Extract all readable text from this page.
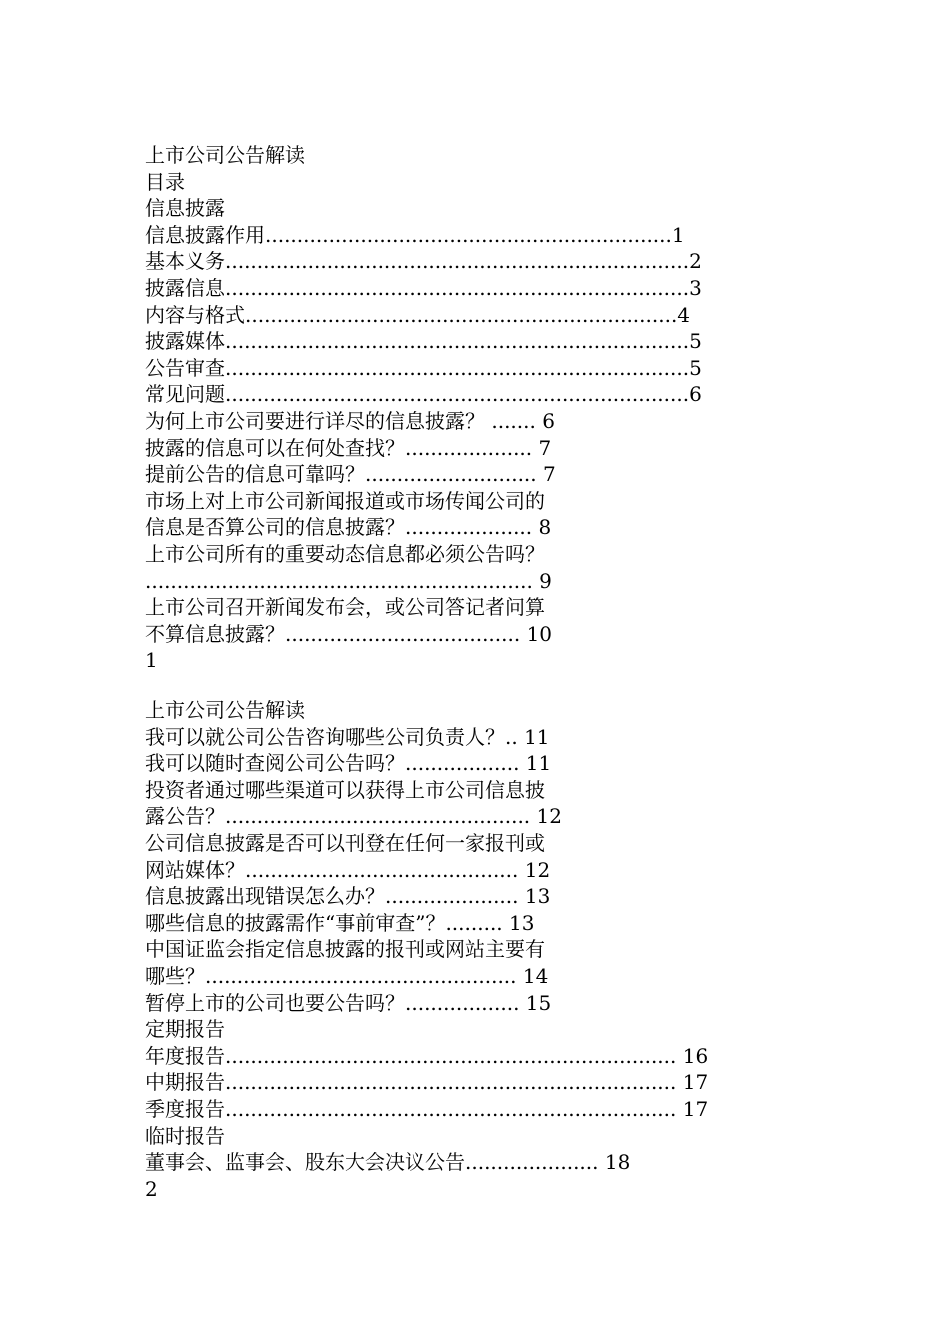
上市公司公告解读
目录
信息披露
信息披露作用................................................................1
基本义务.........................................................................2
披露信息.........................................................................3
内容与格式....................................................................4
披露媒体.........................................................................5
公告审查.........................................................................5
常见问题.........................................................................6
为何上市公司要进行详尽的信息披露？ ....... 6
披露的信息可以在何处查找？.................... 7
提前公告的信息可靠吗？........................... 7
市场上对上市公司新闻报道或市场传闻公司的
信息是否算公司的信息披露？.................... 8
上市公司所有的重要动态信息都必须公告吗？
............................................................. 9
上市公司召开新闻发布会，或公司答记者问算
不算信息披露？..................................... 10
1
上市公司公告解读
我可以就公司公告咨询哪些公司负责人？.. 11
我可以随时查阅公司公告吗？.................. 11
投资者通过哪些渠道可以获得上市公司信息披
露公告？................................................ 12
公司信息披露是否可以刊登在任何一家报刊或
网站媒体？........................................... 12
信息披露出现错误怎么办？..................... 13
哪些信息的披露需作“事前审查”？......... 13
中国证监会指定信息披露的报刊或网站主要有
哪些？................................................. 14
暂停上市的公司也要公告吗？.................. 15
定期报告
年度报告....................................................................... 16
中期报告....................................................................... 17
季度报告....................................................................... 17
临时报告
董事会、监事会、股东大会决议公告..................... 18
2
